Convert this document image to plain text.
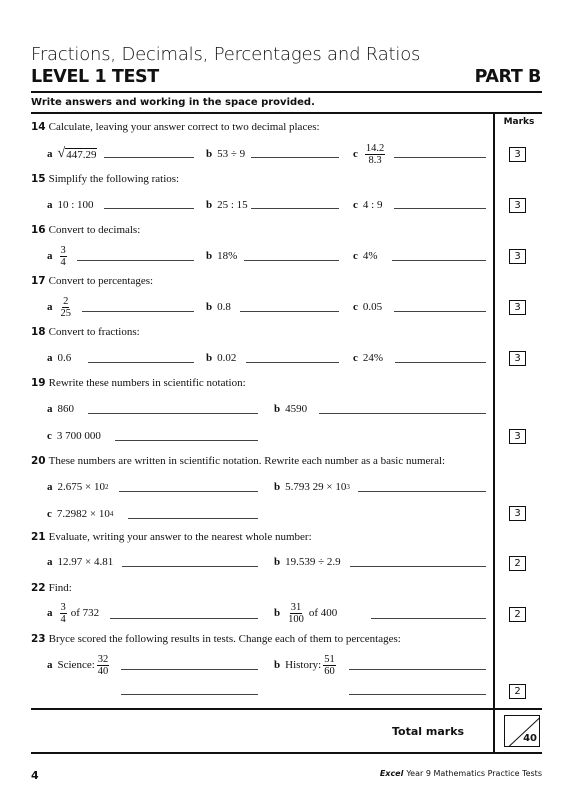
Fractions, Decimals, Percentages and Ratios
LEVEL 1 TEST	PART B
Write answers and working in the space provided.
Marks
14 Calculate, leaving your answer correct to two decimal places:
a √ 447.29	b 53 ÷ 9	c $\frac{14.2}{8.3}$	3
15 Simplify the following ratios:
a 10 : 100	b 25 : 15	c 4 : 9	3
16 Convert to decimals:
a $\frac{3}{4}$	b 18%	c 4%	3
17 Convert to percentages:
a $\frac{2}{25}$	b 0.8	c 0.05	3
18 Convert to fractions:
a 0.6	b 0.02	c 24%	3
19 Rewrite these numbers in scientific notation:
a 860	b 4590
c 3 700 000	3
20 These numbers are written in scientific notation. Rewrite each number as a basic numeral:
a 2.675 × 10 2	b 5.793 29 × 10 3
c 7.2982 × 10 4	3
21 Evaluate, writing your answer to the nearest whole number:
a 12.97 × 4.81	b 19.539 ÷ 2.9	2
22 Find:
a $\frac{3}{4}$ of 732	b $\frac{31}{100}$ of 400	2
23 Bryce scored the following results in tests. Change each of them to percentages:
a Science: $\frac{32}{40}$	b History: $\frac{51}{60}$
2
Total marks
40
4	Excel Year 9 Mathematics Practice Tests
